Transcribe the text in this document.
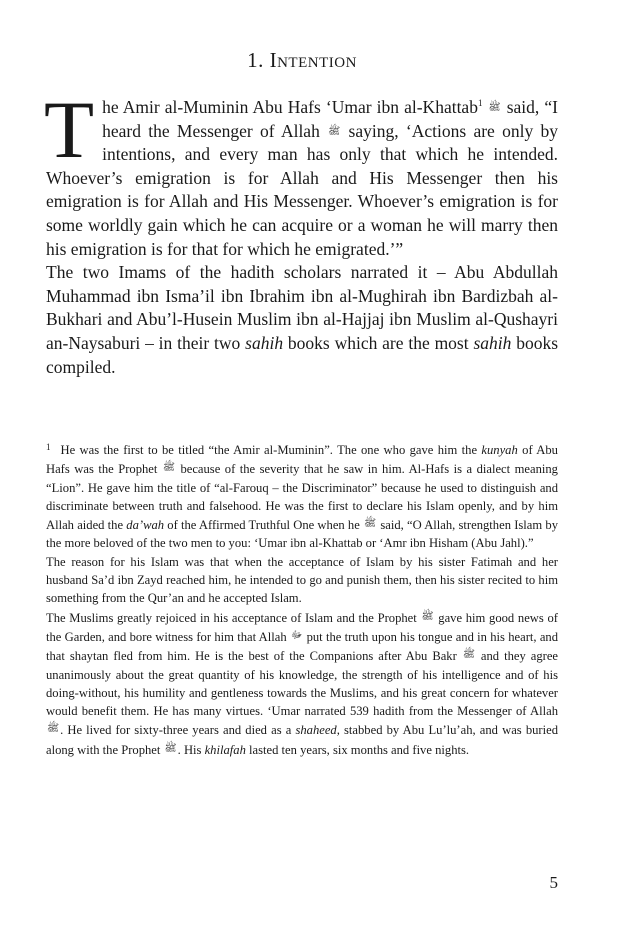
1. Intention

The Amir al-Muminin Abu Hafs ‘Umar ibn al-Khattab$^1$ ﷺ said, “I heard the Messenger of Allah ﷺ saying, ‘Actions are only by intentions, and every man has only that which he intended. Whoever’s emigration is for Allah and His Messenger then his emigration is for Allah and His Messenger. Whoever’s emigration is for some worldly gain which he can acquire or a woman he will marry then his emigration is for that for which he emigrated.’”

The two Imams of the hadith scholars narrated it – Abu Abdullah Muhammad ibn Isma’il ibn Ibrahim ibn al-Mughirah ibn Bardizbah al-Bukhari and Abu’l-Husein Muslim ibn al-Hajjaj ibn Muslim al-Qushayri an-Naysaburi – in their two sahih books which are the most sahih books compiled.

$^1$ He was the first to be titled “the Amir al-Muminin”. The one who gave him the kunyah of Abu Hafs was the Prophet $^ﷺ$ because of the severity that he saw in him. Al-Hafs is a dialect meaning “Lion”. He gave him the title of “al-Farouq – the Discriminator” because he used to distinguish and discriminate between truth and falsehood. He was the first to declare his Islam openly, and by him Allah aided the da’wah of the Affirmed Truthful One when he $^ﷺ$ said, “O Allah, strengthen Islam by the more beloved of the two men to you: ‘Umar ibn al-Khattab or ‘Amr ibn Hisham (Abu Jahl).”

The reason for his Islam was that when the acceptance of Islam by his sister Fatimah and her husband Sa’d ibn Zayd reached him, he intended to go and punish them, then his sister recited to him something from the Qur’an and he accepted Islam.

The Muslims greatly rejoiced in his acceptance of Islam and the Prophet $^ﷺ$ gave him good news of the Garden, and bore witness for him that Allah $^ﷻ$ put the truth upon his tongue and in his heart, and that shaytan fled from him. He is the best of the Companions after Abu Bakr $^ﷺ$ and they agree unanimously about the great quantity of his knowledge, the strength of his intelligence and of his doing-without, his humility and gentleness towards the Muslims, and his great concern for whatever would benefit them. He has many virtues. ‘Umar narrated 539 hadith from the Messenger of Allah $^ﷺ$. He lived for sixty-three years and died as a shaheed, stabbed by Abu Lu’lu’ah, and was buried along with the Prophet $^ﷺ$. His khilafah lasted ten years, six months and five nights.

5
